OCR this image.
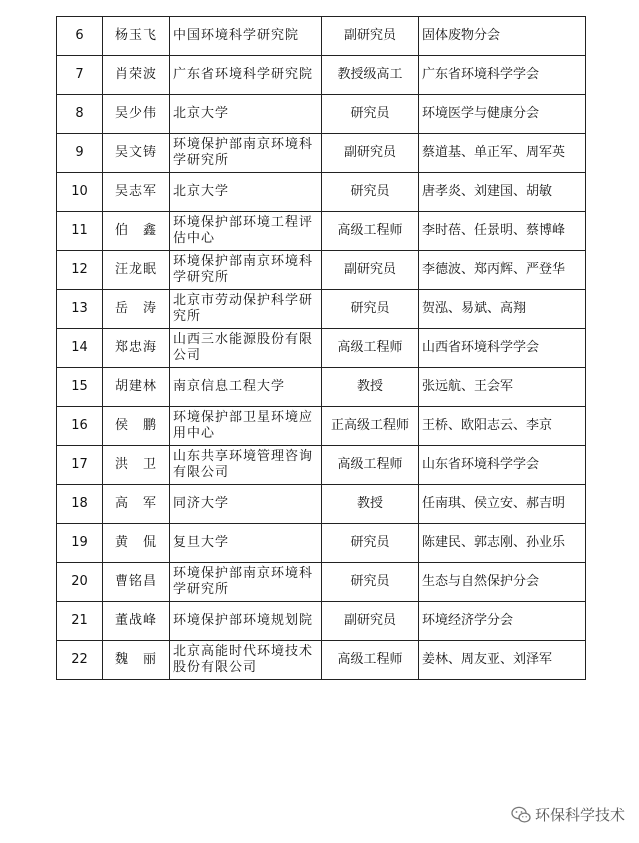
6	杨玉飞	中国环境科学研究院	副研究员	固体废物分会
7	肖荣波	广东省环境科学研究院	教授级高工	广东省环境科学学会
8	吴少伟	北京大学	研究员	环境医学与健康分会
9	吴文铸	环境保护部南京环境科学研究所	副研究员	蔡道基、单正军、周军英
10	吴志军	北京大学	研究员	唐孝炎、刘建国、胡敏
11	伯　鑫	环境保护部环境工程评估中心	高级工程师	李时蓓、任景明、蔡博峰
12	汪龙眠	环境保护部南京环境科学研究所	副研究员	李德波、郑丙辉、严登华
13	岳　涛	北京市劳动保护科学研究所	研究员	贺泓、易斌、高翔
14	郑忠海	山西三水能源股份有限公司	高级工程师	山西省环境科学学会
15	胡建林	南京信息工程大学	教授	张远航、王会军
16	侯　鹏	环境保护部卫星环境应用中心	正高级工程师	王桥、欧阳志云、李京
17	洪　卫	山东共享环境管理咨询有限公司	高级工程师	山东省环境科学学会
18	高　军	同济大学	教授	任南琪、侯立安、郝吉明
19	黄　侃	复旦大学	研究员	陈建民、郭志刚、孙业乐
20	曹铭昌	环境保护部南京环境科学研究所	研究员	生态与自然保护分会
21	董战峰	环境保护部环境规划院	副研究员	环境经济学分会
22	魏　丽	北京高能时代环境技术股份有限公司	高级工程师	姜林、周友亚、刘泽军
环保科学技术
